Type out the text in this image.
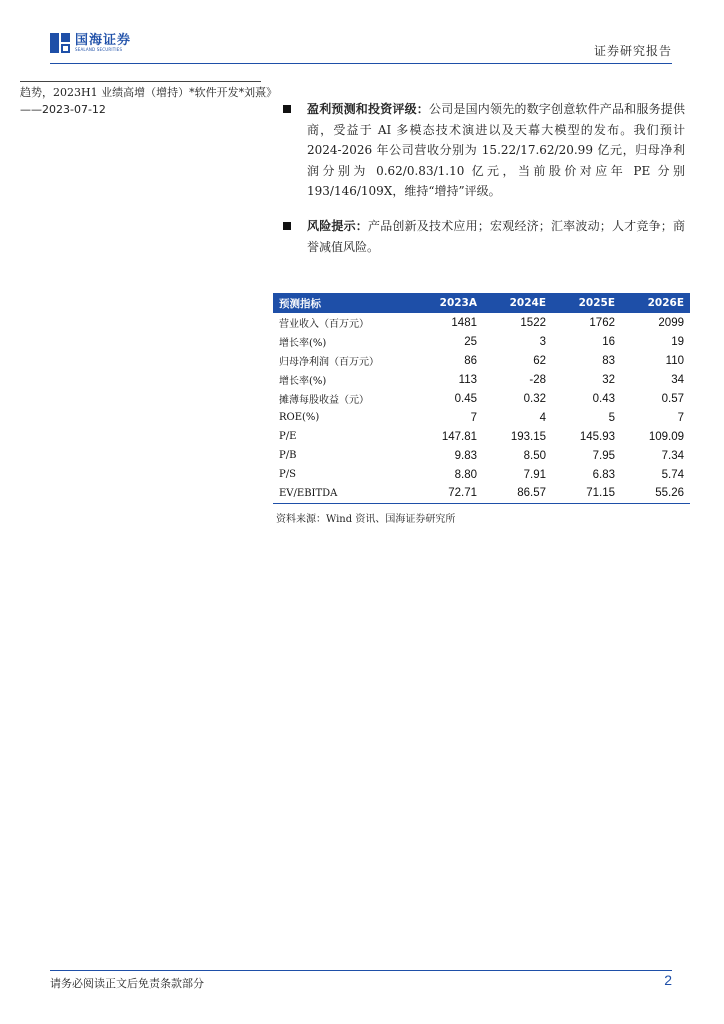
国海证券
SEALAND SECURITIES	证券研究报告
趋势，2023H1 业绩高增（增持）*软件开发*刘熹》
——2023-07-12	盈利预测和投资评级：公司是国内领先的数字创意软件产品和服务提供商，受益于 AI 多模态技术演进以及天幕大模型的发布。我们预计 2024-2026 年公司营收分别为 15.22/17.62/20.99 亿元，归母净利润分别为 0.62/0.83/1.10 亿元，当前股价对应年 PE 分别 193/146/109X，维持“增持”评级。
风险提示：产品创新及技术应用；宏观经济；汇率波动；人才竞争；商誉减值风险。
预测指标	2023A	2024E	2025E	2026E
营业收入（百万元）	1481	1522	1762	2099
增长率(%)	25	3	16	19
归母净利润（百万元）	86	62	83	110
增长率(%)	113	-28	32	34
摊薄每股收益（元）	0.45	0.32	0.43	0.57
ROE(%)	7	4	5	7
P/E	147.81	193.15	145.93	109.09
P/B	9.83	8.50	7.95	7.34
P/S	8.80	7.91	6.83	5.74
EV/EBITDA	72.71	86.57	71.15	55.26
资料来源：Wind 资讯、国海证券研究所
请务必阅读正文后免责条款部分	2
